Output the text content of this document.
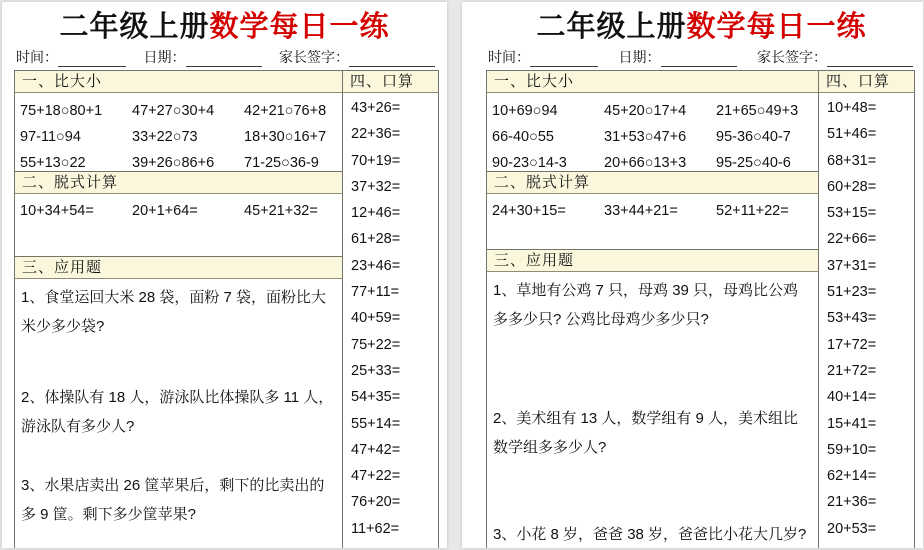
二年级上册数学每日一练
时间：	日期：	家长签字：
一、比大小
75+18○80+1	47+27○30+4	42+21○76+8
97-11○94	33+22○73	18+30○16+7
55+13○22	39+26○86+6	71-25○36-9
二、脱式计算
10+34+54=	20+1+64=	45+21+32=
三、应用题

1、食堂运回大米 28 袋，面粉 7 袋，面粉比大米少多少袋?

2、体操队有 18 人，游泳队比体操队多 11 人，游泳队有多少人?

3、水果店卖出 26 筐苹果后，剩下的比卖出的多 9 筐。剩下多少筐苹果?

四、口算
43+26=
22+36=
70+19=
37+32=
12+46=
61+28=
23+46=
77+11=
40+59=
75+22=
25+33=
54+35=
55+14=
47+42=
47+22=
76+20=
11+62=
二年级上册数学每日一练
时间：	日期：	家长签字：
一、比大小
10+69○94	45+20○17+4	21+65○49+3
66-40○55	31+53○47+6	95-36○40-7
90-23○14-3	20+66○13+3	95-25○40-6
二、脱式计算
24+30+15=	33+44+21=	52+11+22=
三、应用题

1、草地有公鸡 7 只，母鸡 39 只，母鸡比公鸡多多少只? 公鸡比母鸡少多少只?

2、美术组有 13 人，数学组有 9 人，美术组比数学组多多少人?

3、小花 8 岁，爸爸 38 岁，爸爸比小花大几岁?

四、口算
10+48=
51+46=
68+31=
60+28=
53+15=
22+66=
37+31=
51+23=
53+43=
17+72=
21+72=
40+14=
15+41=
59+10=
62+14=
21+36=
20+53=
